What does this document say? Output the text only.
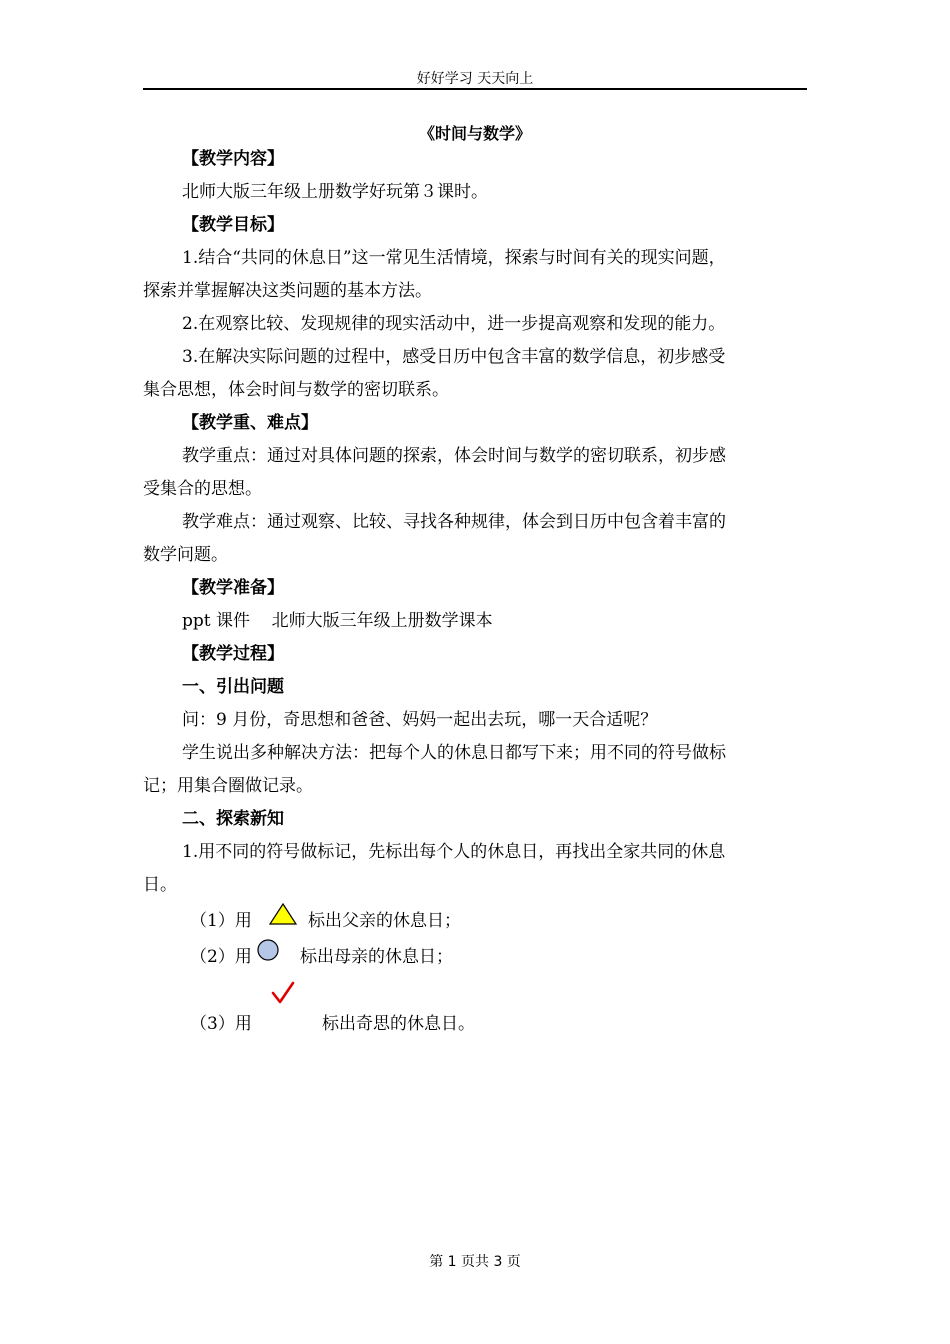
好好学习 天天向上
《时间与数学》
【教学内容】
北师大版三年级上册数学好玩第３课时。
【教学目标】
1.结合“共同的休息日”这一常见生活情境，探索与时间有关的现实问题，
探索并掌握解决这类问题的基本方法。
2.在观察比较、发现规律的现实活动中，进一步提高观察和发现的能力。
3.在解决实际问题的过程中，感受日历中包含丰富的数学信息，初步感受
集合思想，体会时间与数学的密切联系。
【教学重、难点】
教学重点：通过对具体问题的探索，体会时间与数学的密切联系，初步感
受集合的思想。
教学难点：通过观察、比较、寻找各种规律，体会到日历中包含着丰富的
数学问题。
【教学准备】
ppt 课件    北师大版三年级上册数学课本
【教学过程】
一、引出问题
问：9 月份，奇思想和爸爸、妈妈一起出去玩，哪一天合适呢？
学生说出多种解决方法：把每个人的休息日都写下来；用不同的符号做标
记；用集合圈做记录。
二、探索新知
1.用不同的符号做标记，先标出每个人的休息日，再找出全家共同的休息
日。
（1）用	标出父亲的休息日；
（2）用	标出母亲的休息日；
（3）用	标出奇思的休息日。
第 1 页共 3 页
